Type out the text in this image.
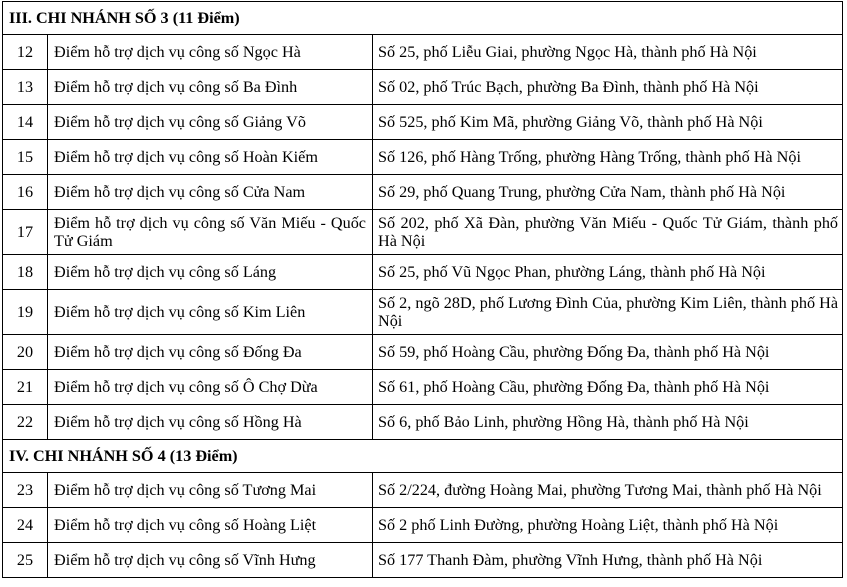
III. CHI NHÁNH SỐ 3 (11 Điểm)		
12	Điểm hỗ trợ dịch vụ công số Ngọc Hà	Số 25, phố Liễu Giai, phường Ngọc Hà, thành phố Hà Nội

13	Điểm hỗ trợ dịch vụ công số Ba Đình	Số 02, phố Trúc Bạch, phường Ba Đình, thành phố Hà Nội

14	Điểm hỗ trợ dịch vụ công số Giảng Võ	Số 525, phố Kim Mã, phường Giảng Võ, thành phố Hà Nội

15	Điểm hỗ trợ dịch vụ công số Hoàn Kiếm	Số 126, phố Hàng Trống, phường Hàng Trống, thành phố Hà Nội

16	Điểm hỗ trợ dịch vụ công số Cửa Nam	Số 29, phố Quang Trung, phường Cửa Nam, thành phố Hà Nội

17	Điểm hỗ trợ dịch vụ công số Văn Miếu - Quốc Tử Giám	Số 202, phố Xã Đàn, phường Văn Miếu - Quốc Tử Giám, thành phố Hà Nội

18	Điểm hỗ trợ dịch vụ công số Láng	Số 25, phố Vũ Ngọc Phan, phường Láng, thành phố Hà Nội

19	Điểm hỗ trợ dịch vụ công số Kim Liên	Số 2, ngõ 28D, phố Lương Đình Của, phường Kim Liên, thành phố Hà Nội

20	Điểm hỗ trợ dịch vụ công số Đống Đa	Số 59, phố Hoàng Cầu, phường Đống Đa, thành phố Hà Nội

21	Điểm hỗ trợ dịch vụ công số Ô Chợ Dừa	Số 61, phố Hoàng Cầu, phường Đống Đa, thành phố Hà Nội

22	Điểm hỗ trợ dịch vụ công số Hồng Hà	Số 6, phố Bảo Linh, phường Hồng Hà, thành phố Hà Nội

IV. CHI NHÁNH SỐ 4 (13 Điểm)		
23	Điểm hỗ trợ dịch vụ công số Tương Mai	Số 2/224, đường Hoàng Mai, phường Tương Mai, thành phố Hà Nội

24	Điểm hỗ trợ dịch vụ công số Hoàng Liệt	Số 2 phố Linh Đường, phường Hoàng Liệt, thành phố Hà Nội

25	Điểm hỗ trợ dịch vụ công số Vĩnh Hưng	Số 177 Thanh Đàm, phường Vĩnh Hưng, thành phố Hà Nội
